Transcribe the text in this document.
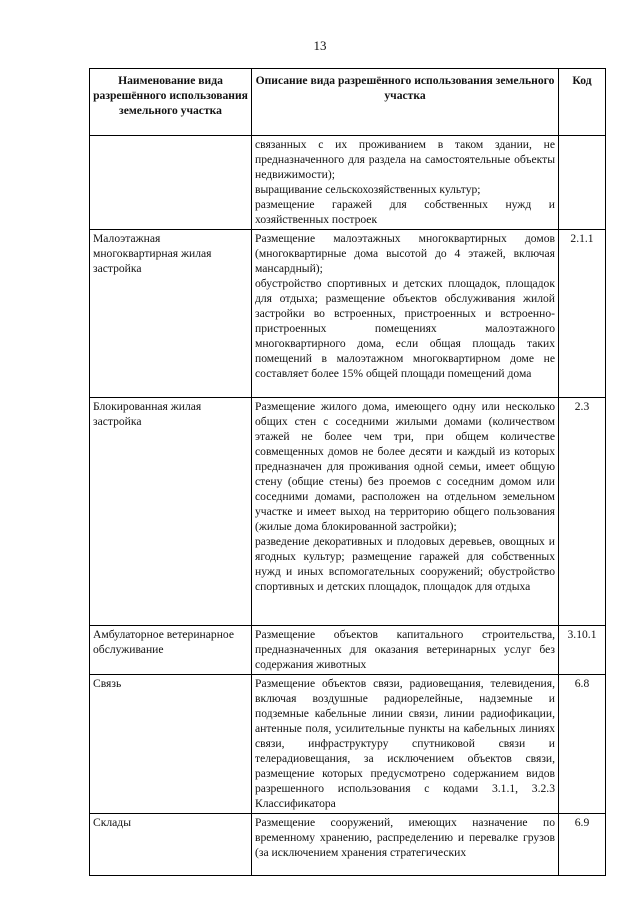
13
Наименование вида разрешённого использования земельного участка	Описание вида разрешённого использования земельного участка	Код

	связанных с их проживанием в таком здании, не предназначенного для раздела на самостоятельные объекты недвижимости);
выращивание сельскохозяйственных культур;
размещение гаражей для собственных нужд и хозяйственных построек	

Малоэтажная многоквартирная жилая застройка	Размещение малоэтажных многоквартирных домов (многоквартирные дома высотой до 4 этажей, включая мансардный);
обустройство спортивных и детских площадок, площадок для отдыха; размещение объектов обслуживания жилой застройки во встроенных, пристроенных и встроенно-пристроенных помещениях малоэтажного многоквартирного дома, если общая площадь таких помещений в малоэтажном многоквартирном доме не составляет более 15% общей площади помещений дома	2.1.1
Блокированная жилая застройка	Размещение жилого дома, имеющего одну или несколько общих стен с соседними жилыми домами (количеством этажей не более чем три, при общем количестве совмещенных домов не более десяти и каждый из которых предназначен для проживания одной семьи, имеет общую стену (общие стены) без проемов с соседним домом или соседними домами, расположен на отдельном земельном участке и имеет выход на территорию общего пользования (жилые дома блокированной застройки);
разведение декоративных и плодовых деревьев, овощных и ягодных культур; размещение гаражей для собственных нужд и иных вспомогательных сооружений; обустройство спортивных и детских площадок, площадок для отдыха	2.3
Амбулаторное ветеринарное обслуживание	Размещение объектов капитального строительства, предназначенных для оказания ветеринарных услуг без содержания животных	3.10.1
Связь	Размещение объектов связи, радиовещания, телевидения, включая воздушные радиорелейные, надземные и подземные кабельные линии связи, линии радиофикации, антенные поля, усилительные пункты на кабельных линиях связи, инфраструктуру спутниковой связи и телерадиовещания, за исключением объектов связи, размещение которых предусмотрено содержанием видов разрешенного использования с кодами 3.1.1, 3.2.3 Классификатора	6.8
Склады	Размещение сооружений, имеющих назначение по временному хранению, распределению и перевалке грузов (за исключением хранения стратегических	6.9
